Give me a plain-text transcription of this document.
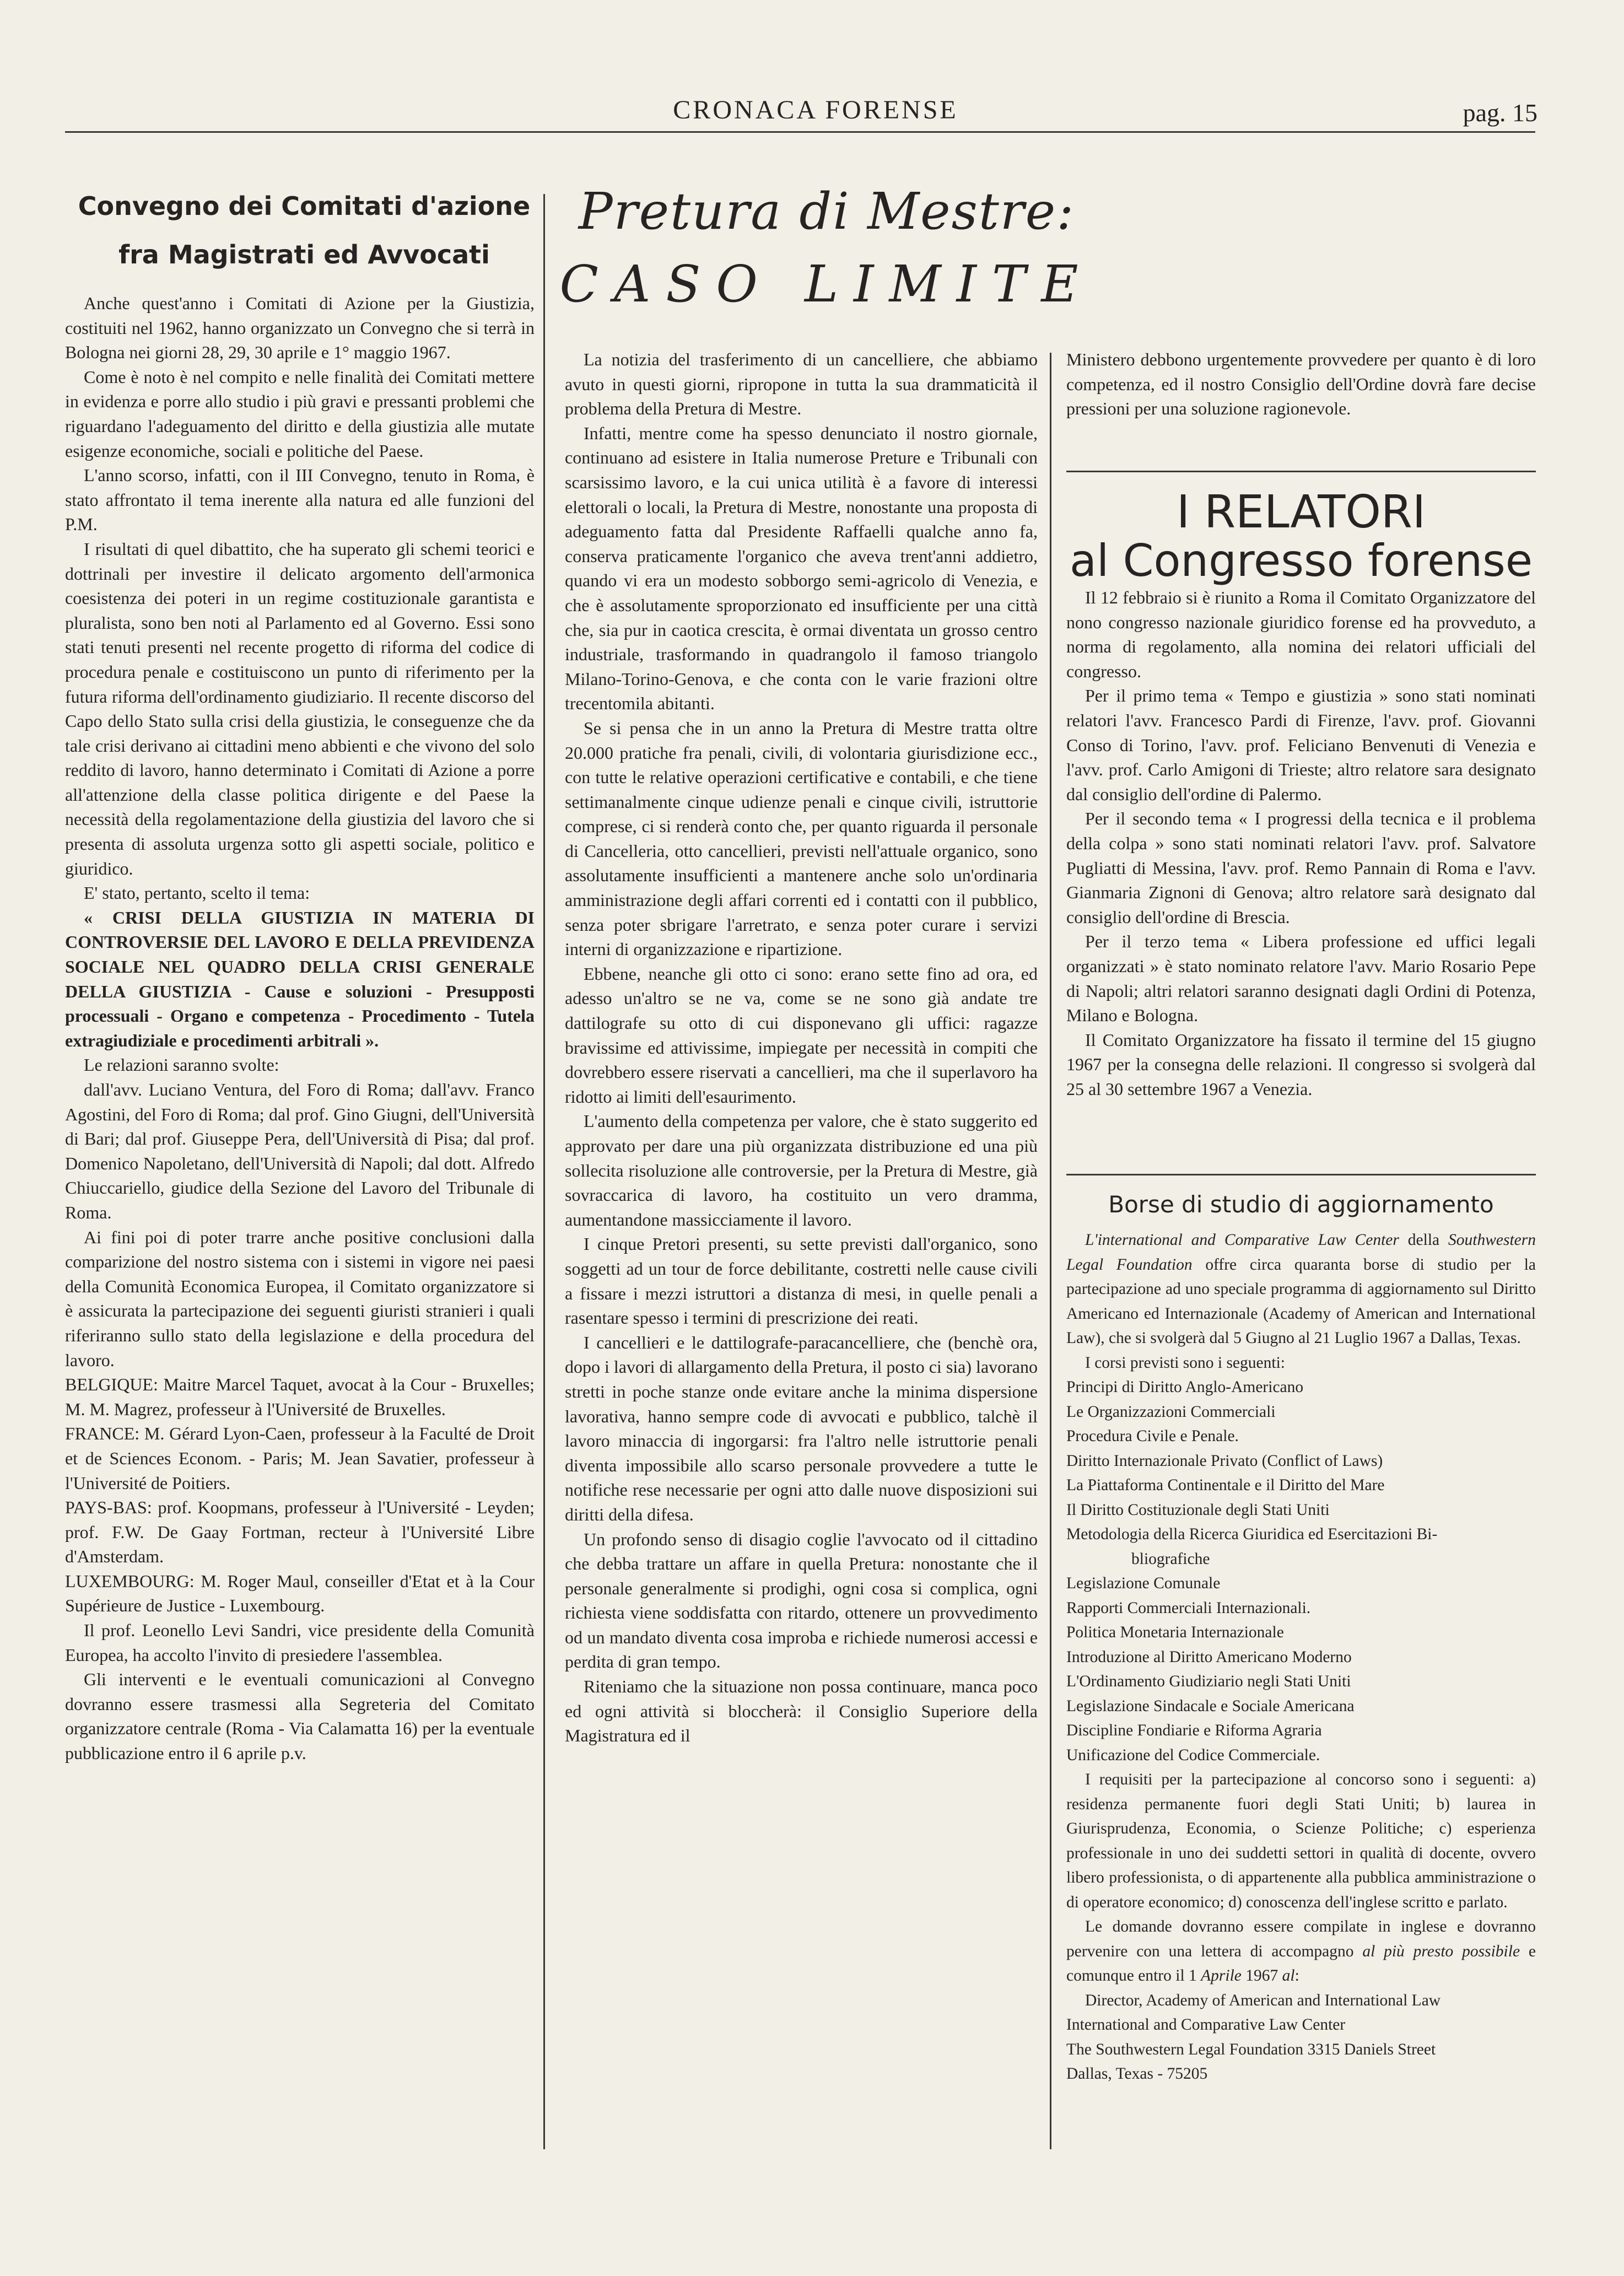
CRONACA FORENSE	pag. 15
Convegno dei Comitati d'azione
fra Magistrati ed Avvocati

Anche quest'anno i Comitati di Azione per la Giustizia, costituiti nel 1962, hanno organizzato un Convegno che si terrà in Bologna nei giorni 28, 29, 30 aprile e 1° maggio 1967.

Come è noto è nel compito e nelle finalità dei Comitati mettere in evidenza e porre allo studio i più gravi e pressanti problemi che riguardano l'adeguamento del diritto e della giustizia alle mutate esigenze economiche, sociali e politiche del Paese.

L'anno scorso, infatti, con il III Convegno, tenuto in Roma, è stato affrontato il tema inerente alla natura ed alle funzioni del P.M.

I risultati di quel dibattito, che ha superato gli schemi teorici e dottrinali per investire il delicato argomento dell'armonica coesistenza dei poteri in un regime costituzionale garantista e pluralista, sono ben noti al Parlamento ed al Governo. Essi sono stati tenuti presenti nel recente progetto di riforma del codice di procedura penale e costituiscono un punto di riferimento per la futura riforma dell'ordinamento giudiziario. Il recente discorso del Capo dello Stato sulla crisi della giustizia, le conseguenze che da tale crisi derivano ai cittadini meno abbienti e che vivono del solo reddito di lavoro, hanno determinato i Comitati di Azione a porre all'attenzione della classe politica dirigente e del Paese la necessità della regolamentazione della giustizia del lavoro che si presenta di assoluta urgenza sotto gli aspetti sociale, politico e giuridico.

E' stato, pertanto, scelto il tema:

« CRISI DELLA GIUSTIZIA IN MATERIA DI CONTROVERSIE DEL LAVORO E DELLA PREVIDENZA SOCIALE NEL QUADRO DELLA CRISI GENERALE DELLA GIUSTIZIA - Cause e soluzioni - Presupposti processuali - Organo e competenza - Procedimento - Tutela extragiudiziale e procedimenti arbitrali ».

Le relazioni saranno svolte:

dall'avv. Luciano Ventura, del Foro di Roma; dall'avv. Franco Agostini, del Foro di Roma; dal prof. Gino Giugni, dell'Università di Bari; dal prof. Giuseppe Pera, dell'Università di Pisa; dal prof. Domenico Napoletano, dell'Università di Napoli; dal dott. Alfredo Chiuccariello, giudice della Sezione del Lavoro del Tribunale di Roma.

Ai fini poi di poter trarre anche positive conclusioni dalla comparizione del nostro sistema con i sistemi in vigore nei paesi della Comunità Economica Europea, il Comitato organizzatore si è assicurata la partecipazione dei seguenti giuristi stranieri i quali riferiranno sullo stato della legislazione e della procedura del lavoro.

BELGIQUE: Maitre Marcel Taquet, avocat à la Cour - Bruxelles; M. M. Magrez, professeur à l'Université de Bruxelles.

FRANCE: M. Gérard Lyon-Caen, professeur à la Faculté de Droit et de Sciences Econom. - Paris; M. Jean Savatier, professeur à l'Université de Poitiers.

PAYS-BAS: prof. Koopmans, professeur à l'Université - Leyden; prof. F.W. De Gaay Fortman, recteur à l'Université Libre d'Amsterdam.

LUXEMBOURG: M. Roger Maul, conseiller d'Etat et à la Cour Supérieure de Justice - Luxembourg.

Il prof. Leonello Levi Sandri, vice presidente della Comunità Europea, ha accolto l'invito di presiedere l'assemblea.

Gli interventi e le eventuali comunicazioni al Convegno dovranno essere trasmessi alla Segreteria del Comitato organizzatore centrale (Roma - Via Calamatta 16) per la eventuale pubblicazione entro il 6 aprile p.v.

Pretura di Mestre:
CASO LIMITE

La notizia del trasferimento di un cancelliere, che abbiamo avuto in questi giorni, ripropone in tutta la sua drammaticità il problema della Pretura di Mestre.

Infatti, mentre come ha spesso denunciato il nostro giornale, continuano ad esistere in Italia numerose Preture e Tribunali con scarsissimo lavoro, e la cui unica utilità è a favore di interessi elettorali o locali, la Pretura di Mestre, nonostante una proposta di adeguamento fatta dal Presidente Raffaelli qualche anno fa, conserva praticamente l'organico che aveva trent'anni addietro, quando vi era un modesto sobborgo semi-agricolo di Venezia, e che è assolutamente sproporzionato ed insufficiente per una città che, sia pur in caotica crescita, è ormai diventata un grosso centro industriale, trasformando in quadrangolo il famoso triangolo Milano-Torino-Genova, e che conta con le varie frazioni oltre trecentomila abitanti.

Se si pensa che in un anno la Pretura di Mestre tratta oltre 20.000 pratiche fra penali, civili, di volontaria giurisdizione ecc., con tutte le relative operazioni certificative e contabili, e che tiene settimanalmente cinque udienze penali e cinque civili, istruttorie comprese, ci si renderà conto che, per quanto riguarda il personale di Cancelleria, otto cancellieri, previsti nell'attuale organico, sono assolutamente insufficienti a mantenere anche solo un'ordinaria amministrazione degli affari correnti ed i contatti con il pubblico, senza poter sbrigare l'arretrato, e senza poter curare i servizi interni di organizzazione e ripartizione.

Ebbene, neanche gli otto ci sono: erano sette fino ad ora, ed adesso un'altro se ne va, come se ne sono già andate tre dattilografe su otto di cui disponevano gli uffici: ragazze bravissime ed attivissime, impiegate per necessità in compiti che dovrebbero essere riservati a cancellieri, ma che il superlavoro ha ridotto ai limiti dell'esaurimento.

L'aumento della competenza per valore, che è stato suggerito ed approvato per dare una più organizzata distribuzione ed una più sollecita risoluzione alle controversie, per la Pretura di Mestre, già sovraccarica di lavoro, ha costituito un vero dramma, aumentandone massicciamente il lavoro.

I cinque Pretori presenti, su sette previsti dall'organico, sono soggetti ad un tour de force debilitante, costretti nelle cause civili a fissare i mezzi istruttori a distanza di mesi, in quelle penali a rasentare spesso i termini di prescrizione dei reati.

I cancellieri e le dattilografe-paracancelliere, che (benchè ora, dopo i lavori di allargamento della Pretura, il posto ci sia) lavorano stretti in poche stanze onde evitare anche la minima dispersione lavorativa, hanno sempre code di avvocati e pubblico, talchè il lavoro minaccia di ingorgarsi: fra l'altro nelle istruttorie penali diventa impossibile allo scarso personale provvedere a tutte le notifiche rese necessarie per ogni atto dalle nuove disposizioni sui diritti della difesa.

Un profondo senso di disagio coglie l'avvocato od il cittadino che debba trattare un affare in quella Pretura: nonostante che il personale generalmente si prodighi, ogni cosa si complica, ogni richiesta viene soddisfatta con ritardo, ottenere un provvedimento od un mandato diventa cosa improba e richiede numerosi accessi e perdita di gran tempo.

Riteniamo che la situazione non possa continuare, manca poco ed ogni attività si bloccherà: il Consiglio Superiore della Magistratura ed il

Ministero debbono urgentemente provvedere per quanto è di loro competenza, ed il nostro Consiglio dell'Ordine dovrà fare decise pressioni per una soluzione ragionevole.

I RELATORI
al Congresso forense

Il 12 febbraio si è riunito a Roma il Comitato Organizzatore del nono congresso nazionale giuridico forense ed ha provveduto, a norma di regolamento, alla nomina dei relatori ufficiali del congresso.

Per il primo tema « Tempo e giustizia » sono stati nominati relatori l'avv. Francesco Pardi di Firenze, l'avv. prof. Giovanni Conso di Torino, l'avv. prof. Feliciano Benvenuti di Venezia e l'avv. prof. Carlo Amigoni di Trieste; altro relatore sara designato dal consiglio dell'ordine di Palermo.

Per il secondo tema « I progressi della tecnica e il problema della colpa » sono stati nominati relatori l'avv. prof. Salvatore Pugliatti di Messina, l'avv. prof. Remo Pannain di Roma e l'avv. Gianmaria Zignoni di Genova; altro relatore sarà designato dal consiglio dell'ordine di Brescia.

Per il terzo tema « Libera professione ed uffici legali organizzati » è stato nominato relatore l'avv. Mario Rosario Pepe di Napoli; altri relatori saranno designati dagli Ordini di Potenza, Milano e Bologna.

Il Comitato Organizzatore ha fissato il termine del 15 giugno 1967 per la consegna delle relazioni. Il congresso si svolgerà dal 25 al 30 settembre 1967 a Venezia.

Borse di studio di aggiornamento

L'international and Comparative Law Center della Southwestern Legal Foundation offre circa quaranta borse di studio per la partecipazione ad uno speciale programma di aggiornamento sul Diritto Americano ed Internazionale (Academy of American and International Law), che si svolgerà dal 5 Giugno al 21 Luglio 1967 a Dallas, Texas.

I corsi previsti sono i seguenti:

Principi di Diritto Anglo-Americano
Le Organizzazioni Commerciali
Procedura Civile e Penale.
Diritto Internazionale Privato (Conflict of Laws)
La Piattaforma Continentale e il Diritto del Mare
Il Diritto Costituzionale degli Stati Uniti
Metodologia della Ricerca Giuridica ed Esercitazioni Bi-
bliografiche
Legislazione Comunale
Rapporti Commerciali Internazionali.
Politica Monetaria Internazionale
Introduzione al Diritto Americano Moderno
L'Ordinamento Giudiziario negli Stati Uniti
Legislazione Sindacale e Sociale Americana
Discipline Fondiarie e Riforma Agraria
Unificazione del Codice Commerciale.

I requisiti per la partecipazione al concorso sono i seguenti: a) residenza permanente fuori degli Stati Uniti; b) laurea in Giurisprudenza, Economia, o Scienze Politiche; c) esperienza professionale in uno dei suddetti settori in qualità di docente, ovvero libero professionista, o di appartenente alla pubblica amministrazione o di operatore economico; d) conoscenza dell'inglese scritto e parlato.

Le domande dovranno essere compilate in inglese e dovranno pervenire con una lettera di accompagno al più presto possibile e comunque entro il 1 Aprile 1967 al:

Director, Academy of American and International Law
International and Comparative Law Center
The Southwestern Legal Foundation 3315 Daniels Street
Dallas, Texas - 75205
